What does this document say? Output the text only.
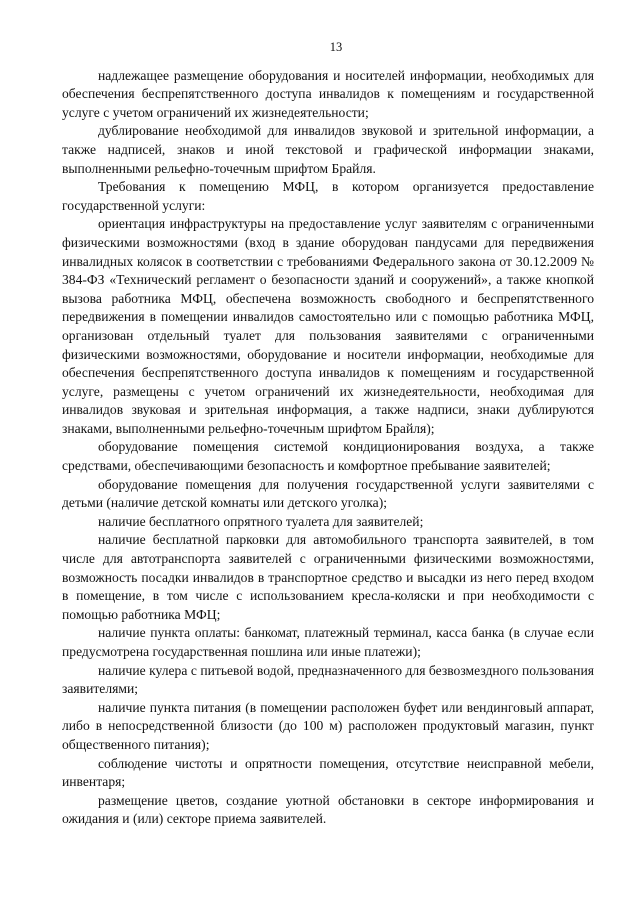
13

надлежащее размещение оборудования и носителей информации, необходимых для обеспечения беспрепятственного доступа инвалидов к помещениям и государственной услуге с учетом ограничений их жизнедеятельности;

дублирование необходимой для инвалидов звуковой и зрительной информации, а также надписей, знаков и иной текстовой и графической информации знаками, выполненными рельефно-точечным шрифтом Брайля.

Требования к помещению МФЦ, в котором организуется предоставление государственной услуги:

ориентация инфраструктуры на предоставление услуг заявителям с ограниченными физическими возможностями (вход в здание оборудован пандусами для передвижения инвалидных колясок в соответствии с требованиями Федерального закона от 30.12.2009 № 384-ФЗ «Технический регламент о безопасности зданий и сооружений», а также кнопкой вызова работника МФЦ, обеспечена возможность свободного и беспрепятственного передвижения в помещении инвалидов самостоятельно или с помощью работника МФЦ, организован отдельный туалет для пользования заявителями с ограниченными физическими возможностями, оборудование и носители информации, необходимые для обеспечения беспрепятственного доступа инвалидов к помещениям и государственной услуге, размещены с учетом ограничений их жизнедеятельности, необходимая для инвалидов звуковая и зрительная информация, а также надписи, знаки дублируются знаками, выполненными рельефно-точечным шрифтом Брайля);

оборудование помещения системой кондиционирования воздуха, а также средствами, обеспечивающими безопасность и комфортное пребывание заявителей;

оборудование помещения для получения государственной услуги заявителями с детьми (наличие детской комнаты или детского уголка);

наличие бесплатного опрятного туалета для заявителей;

наличие бесплатной парковки для автомобильного транспорта заявителей, в том числе для автотранспорта заявителей с ограниченными физическими возможностями, возможность посадки инвалидов в транспортное средство и высадки из него перед входом в помещение, в том числе с использованием кресла-коляски и при необходимости с помощью работника МФЦ;

наличие пункта оплаты: банкомат, платежный терминал, касса банка (в случае если предусмотрена государственная пошлина или иные платежи);

наличие кулера с питьевой водой, предназначенного для безвозмездного пользования заявителями;

наличие пункта питания (в помещении расположен буфет или вендинговый аппарат, либо в непосредственной близости (до 100 м) расположен продуктовый магазин, пункт общественного питания);

соблюдение чистоты и опрятности помещения, отсутствие неисправной мебели, инвентаря;

размещение цветов, создание уютной обстановки в секторе информирования и ожидания и (или) секторе приема заявителей.
